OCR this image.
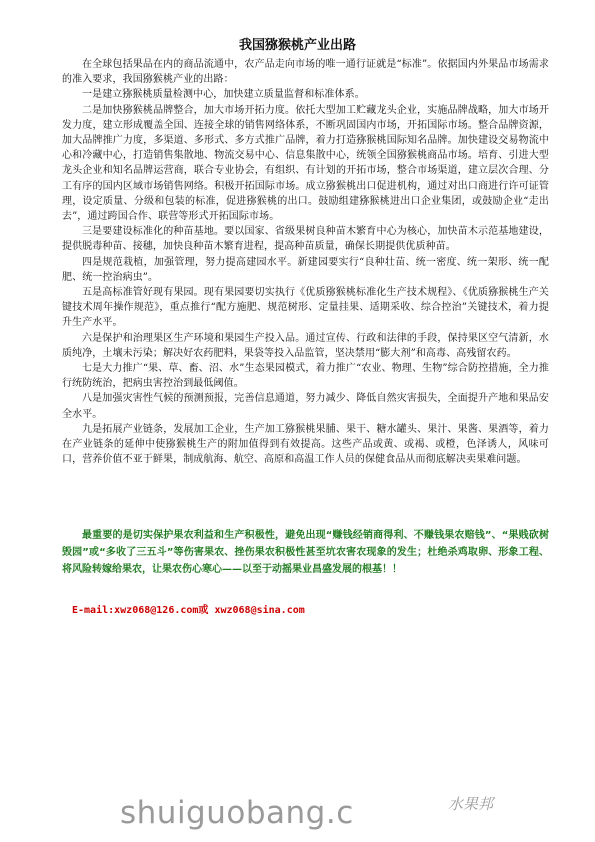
我国猕猴桃产业出路

在全球包括果品在内的商品流通中，农产品走向市场的唯一通行证就是“标准”。依据国内外果品市场需求的准入要求，我国猕猴桃产业的出路：

一是建立猕猴桃质量检测中心，加快建立质量监督和标准体系。

二是加快猕猴桃品牌整合，加大市场开拓力度。依托大型加工贮藏龙头企业，实施品牌战略，加大市场开发力度，建立形成覆盖全国、连接全球的销售网络体系，不断巩固国内市场，开拓国际市场。整合品牌资源，加大品牌推广力度，多渠道、多形式、多方式推广品牌，着力打造猕猴桃国际知名品牌。加快建设交易物流中心和冷藏中心，打造销售集散地、物流交易中心、信息集散中心，统领全国猕猴桃商品市场。培育、引进大型龙头企业和知名品牌运营商，联合专业协会，有组织、有计划的开拓市场，整合市场渠道，建立层次合理、分工有序的国内区域市场销售网络。积极开拓国际市场。成立猕猴桃出口促进机构，通过对出口商进行许可证管理，设定质量、分级和包装的标准，促进猕猴桃的出口。鼓励组建猕猴桃进出口企业集团，或鼓励企业“走出去”，通过跨国合作、联营等形式开拓国际市场。

三是要建设标准化的种苗基地。要以国家、省级果树良种苗木繁育中心为核心，加快苗木示范基地建设，提供脱毒种苗、接穗，加快良种苗木繁育进程，提高种苗质量，确保长期提供优质种苗。

四是规范栽植，加强管理，努力提高建园水平。新建园要实行“良种壮苗、统一密度、统一架形、统一配肥、统一控治病虫”。

五是高标准管好现有果园。现有果园要切实执行《优质猕猴桃标准化生产技术规程》、《优质猕猴桃生产关键技术周年操作规范》，重点推行“配方施肥、规范树形、定量挂果、适期采收、综合控治”关键技术，着力提升生产水平。

六是保护和治理果区生产环境和果园生产投入品。通过宣传、行政和法律的手段，保持果区空气清新，水质纯净，土壤未污染；解决好农药肥料，果袋等投入品监管，坚决禁用“膨大剂”和高毒、高残留农药。

七是大力推广“果、草、畜、沼、水”生态果园模式，着力推广“农业、物理、生物”综合防控措施，全力推行统防统治，把病虫害控治到最低阈值。

八是加强灾害性气候的预测预报，完善信息通道，努力减少、降低自然灾害损失，全面提升产地和果品安全水平。

九是拓展产业链条，发展加工企业，生产加工猕猴桃果脯、果干、糖水罐头、果汁、果酱、果酒等，着力在产业链条的延伸中使猕猴桃生产的附加值得到有效提高。这些产品或黄、或褐、或橙，色泽诱人，风味可口，营养价值不亚于鲜果，制成航海、航空、高原和高温工作人员的保健食品从而彻底解决卖果难问题。

最重要的是切实保护果农利益和生产积极性，避免出现“赚钱经销商得利、不赚钱果农赔钱”、“果贱砍树毁园”或“多收了三五斗”等伤害果农、挫伤果农积极性甚至坑农害农现象的发生；杜绝杀鸡取卵、形象工程、将风险转嫁给果农，让果农伤心寒心——以至于动摇果业昌盛发展的根基！！
E-mail:xwz068@126.com或 xwz068@sina.com
shuiguobang.c	水果邦
